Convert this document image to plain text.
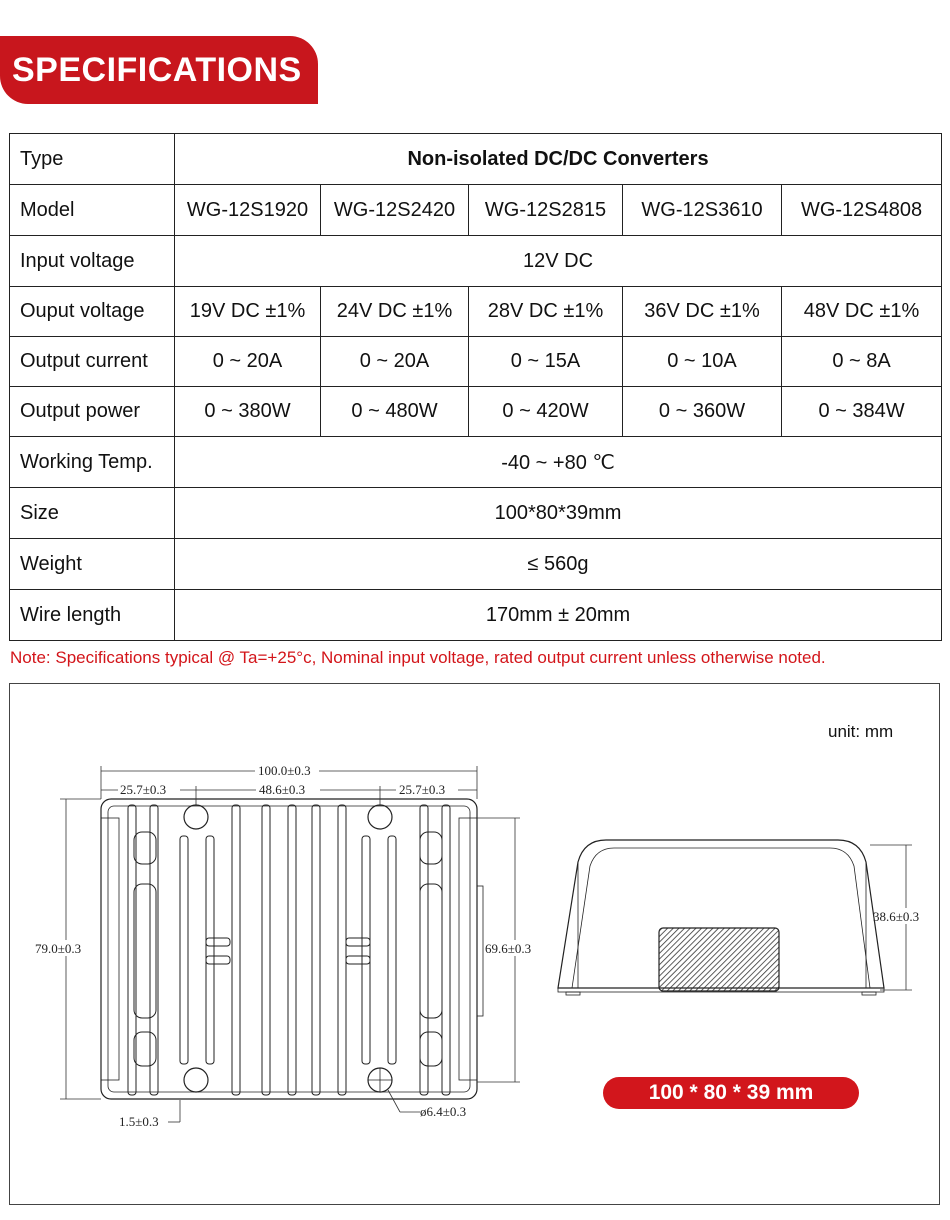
SPECIFICATIONS
Type	Non-isolated DC/DC Converters				
Model	WG-12S1920	WG-12S2420	WG-12S2815	WG-12S3610	WG-12S4808
Input voltage	12V DC				
Ouput voltage	19V DC ±1%	24V DC ±1%	28V DC ±1%	36V DC ±1%	48V DC ±1%
Output current	0 ~ 20A	0 ~ 20A	0 ~ 15A	0 ~ 10A	0 ~ 8A
Output power	0 ~ 380W	0 ~ 480W	0 ~ 420W	0 ~ 360W	0 ~ 384W
Working Temp.	-40 ~ +80 ℃				
Size	100*80*39mm				
Weight	≤ 560g				
Wire length	170mm ± 20mm				
Note: Specifications typical @ Ta=+25°c, Nominal input voltage, rated output current unless otherwise noted.
unit: mm
100.0±0.3
25.7±0.3	48.6±0.3	25.7±0.3
79.0±0.3	69.6±0.3
1.5±0.3
ø6.4±0.3
38.6±0.3
100 * 80 * 39 mm
